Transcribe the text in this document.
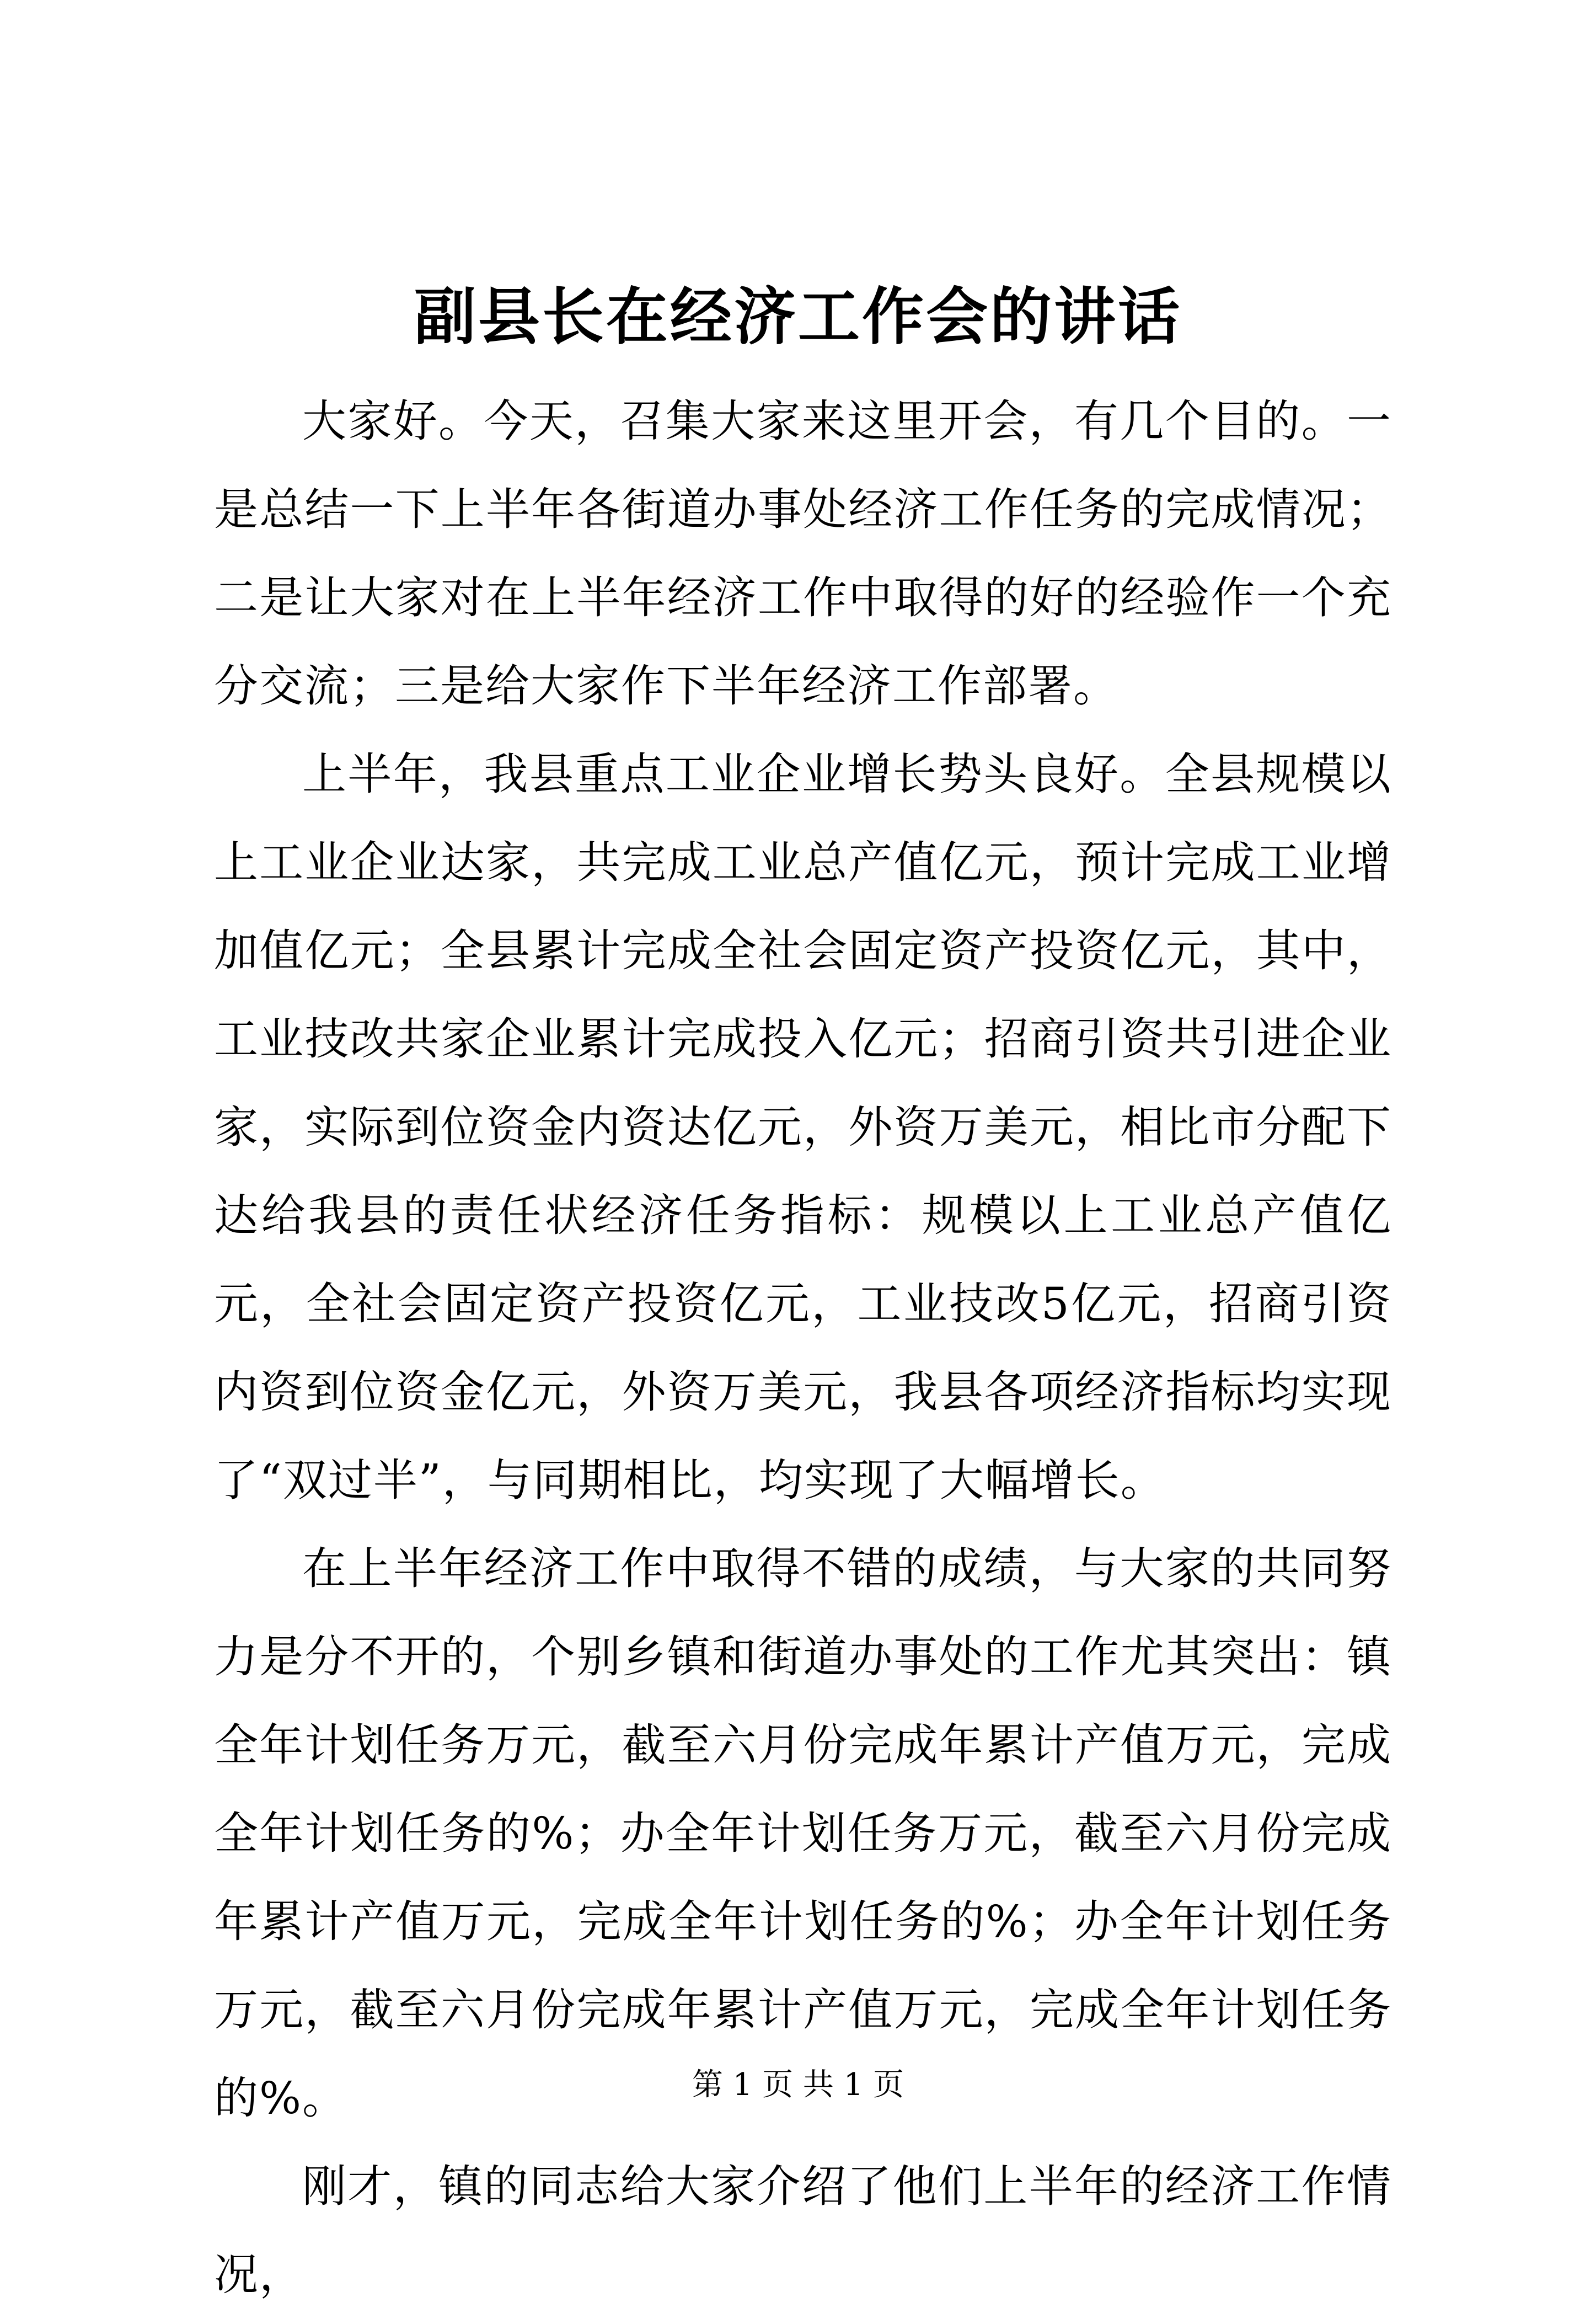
副县长在经济工作会的讲话

大家好。今天，召集大家来这里开会，有几个目的。一是总结一下上半年各街道办事处经济工作任务的完成情况；二是让大家对在上半年经济工作中取得的好的经验作一个充分交流；三是给大家作下半年经济工作部署。

上半年，我县重点工业企业增长势头良好。全县规模以上工业企业达家，共完成工业总产值亿元，预计完成工业增加值亿元；全县累计完成全社会固定资产投资亿元，其中，工业技改共家企业累计完成投入亿元；招商引资共引进企业家，实际到位资金内资达亿元，外资万美元，相比市分配下达给我县的责任状经济任务指标：规模以上工业总产值亿元，全社会固定资产投资亿元，工业技改5亿元，招商引资内资到位资金亿元，外资万美元，我县各项经济指标均实现了“双过半”，与同期相比，均实现了大幅增长。

在上半年经济工作中取得不错的成绩，与大家的共同努力是分不开的，个别乡镇和街道办事处的工作尤其突出：镇全年计划任务万元，截至六月份完成年累计产值万元，完成全年计划任务的%；办全年计划任务万元，截至六月份完成年累计产值万元，完成全年计划任务的%；办全年计划任务万元，截至六月份完成年累计产值万元，完成全年计划任务的%。

刚才，镇的同志给大家介绍了他们上半年的经济工作情况，

第 1 页 共 1 页
